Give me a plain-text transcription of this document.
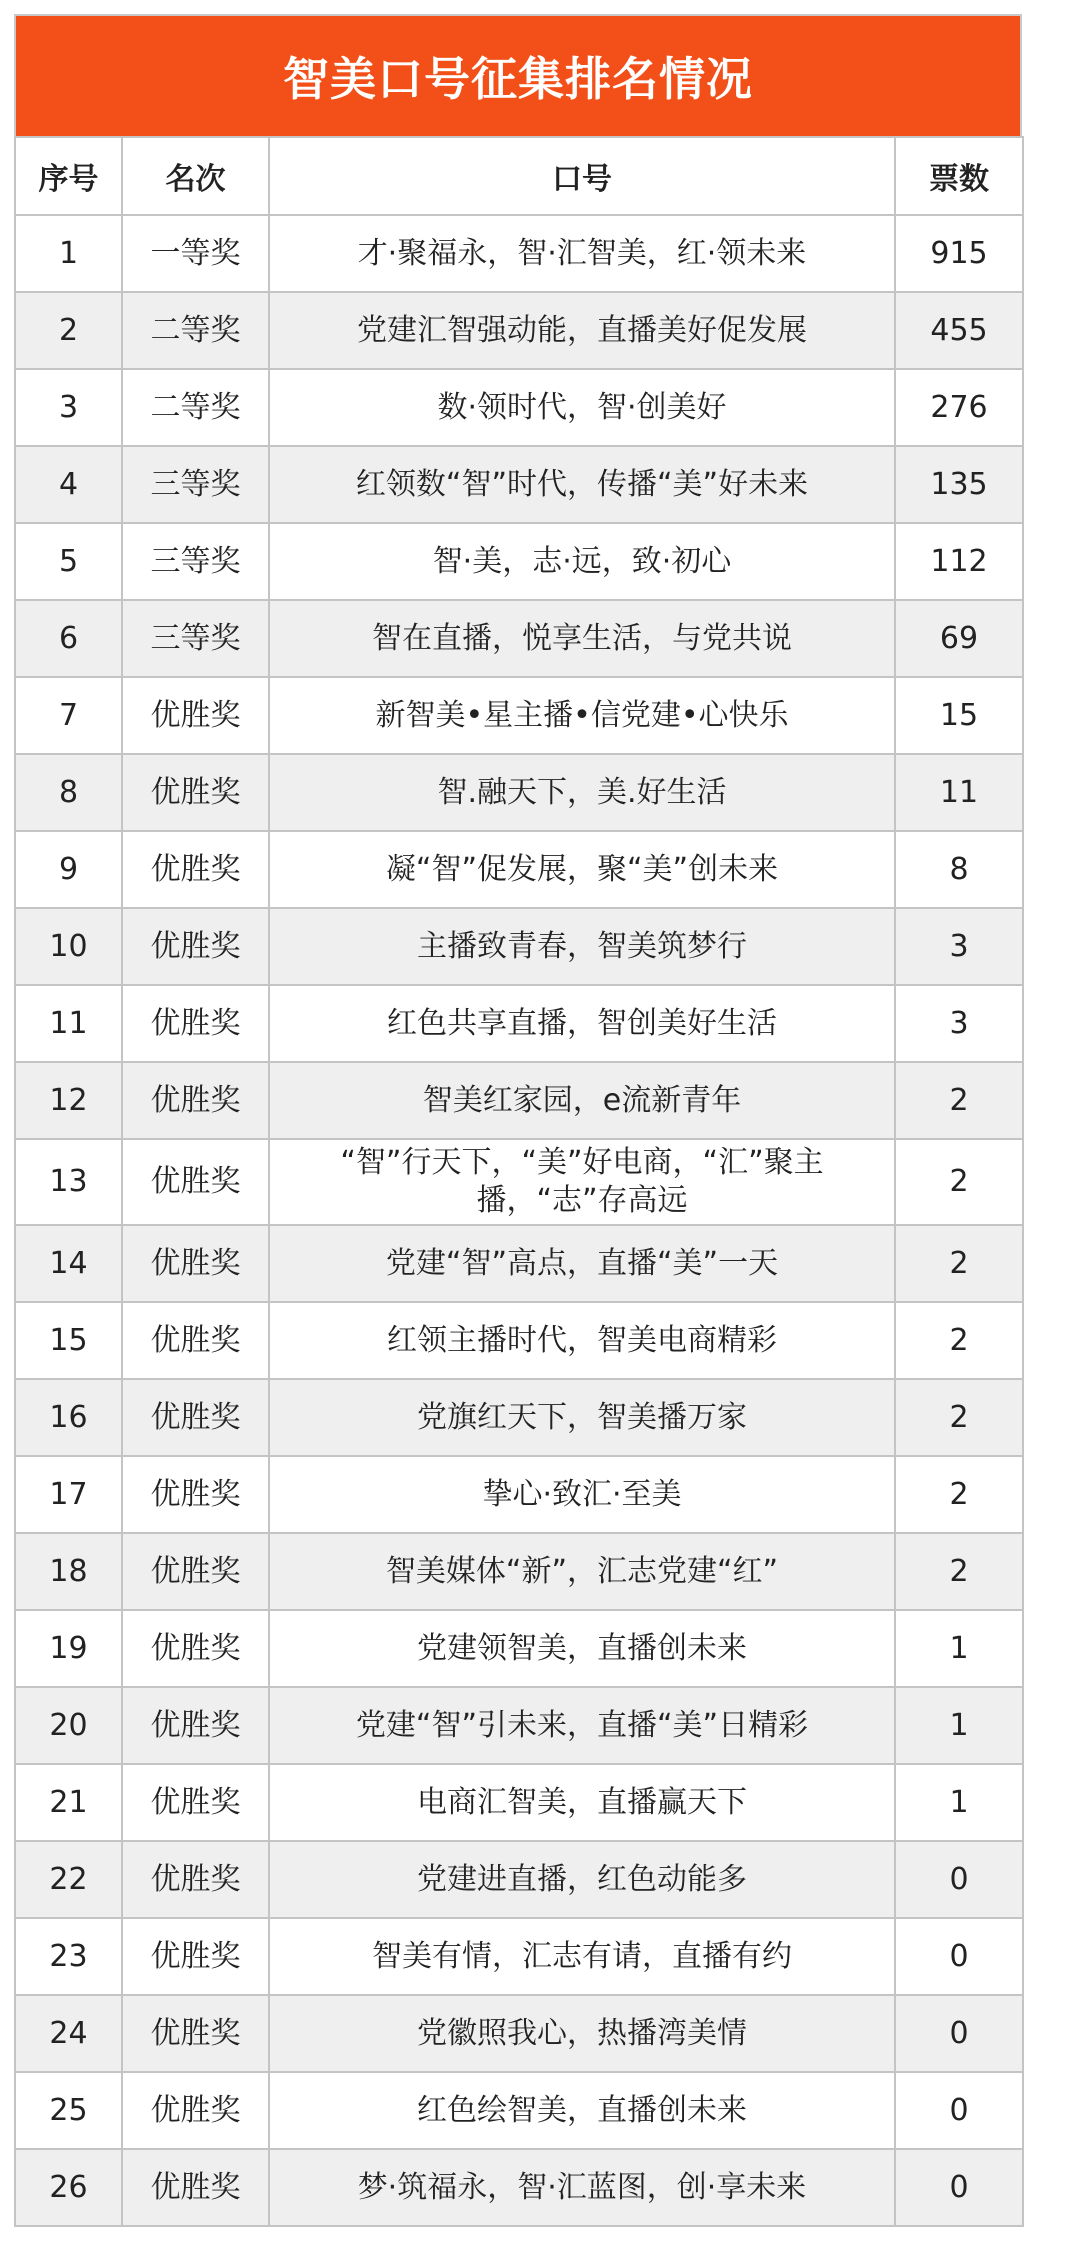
智美口号征集排名情况
序号	名次	口号	票数
1	一等奖	才·聚福永，智·汇智美，红·领未来	915
2	二等奖	党建汇智强动能，直播美好促发展	455
3	二等奖	数·领时代，智·创美好	276
4	三等奖	红领数“智”时代，传播“美”好未来	135
5	三等奖	智·美，志·远，致·初心	112
6	三等奖	智在直播，悦享生活，与党共说	69
7	优胜奖	新智美•星主播•信党建•心快乐	15
8	优胜奖	智.融天下，美.好生活	11
9	优胜奖	凝“智”促发展，聚“美”创未来	8
10	优胜奖	主播致青春，智美筑梦行	3
11	优胜奖	红色共享直播，智创美好生活	3
12	优胜奖	智美红家园，e流新青年	2
13	优胜奖	“智”行天下，“美”好电商，“汇”聚主播，“志”存高远	2
14	优胜奖	党建“智”高点，直播“美”一天	2
15	优胜奖	红领主播时代，智美电商精彩	2
16	优胜奖	党旗红天下，智美播万家	2
17	优胜奖	挚心·致汇·至美	2
18	优胜奖	智美媒体“新”，汇志党建“红”	2
19	优胜奖	党建领智美，直播创未来	1
20	优胜奖	党建“智”引未来，直播“美”日精彩	1
21	优胜奖	电商汇智美，直播赢天下	1
22	优胜奖	党建进直播，红色动能多	0
23	优胜奖	智美有情，汇志有请，直播有约	0
24	优胜奖	党徽照我心，热播湾美情	0
25	优胜奖	红色绘智美，直播创未来	0
26	优胜奖	梦·筑福永，智·汇蓝图，创·享未来	0
